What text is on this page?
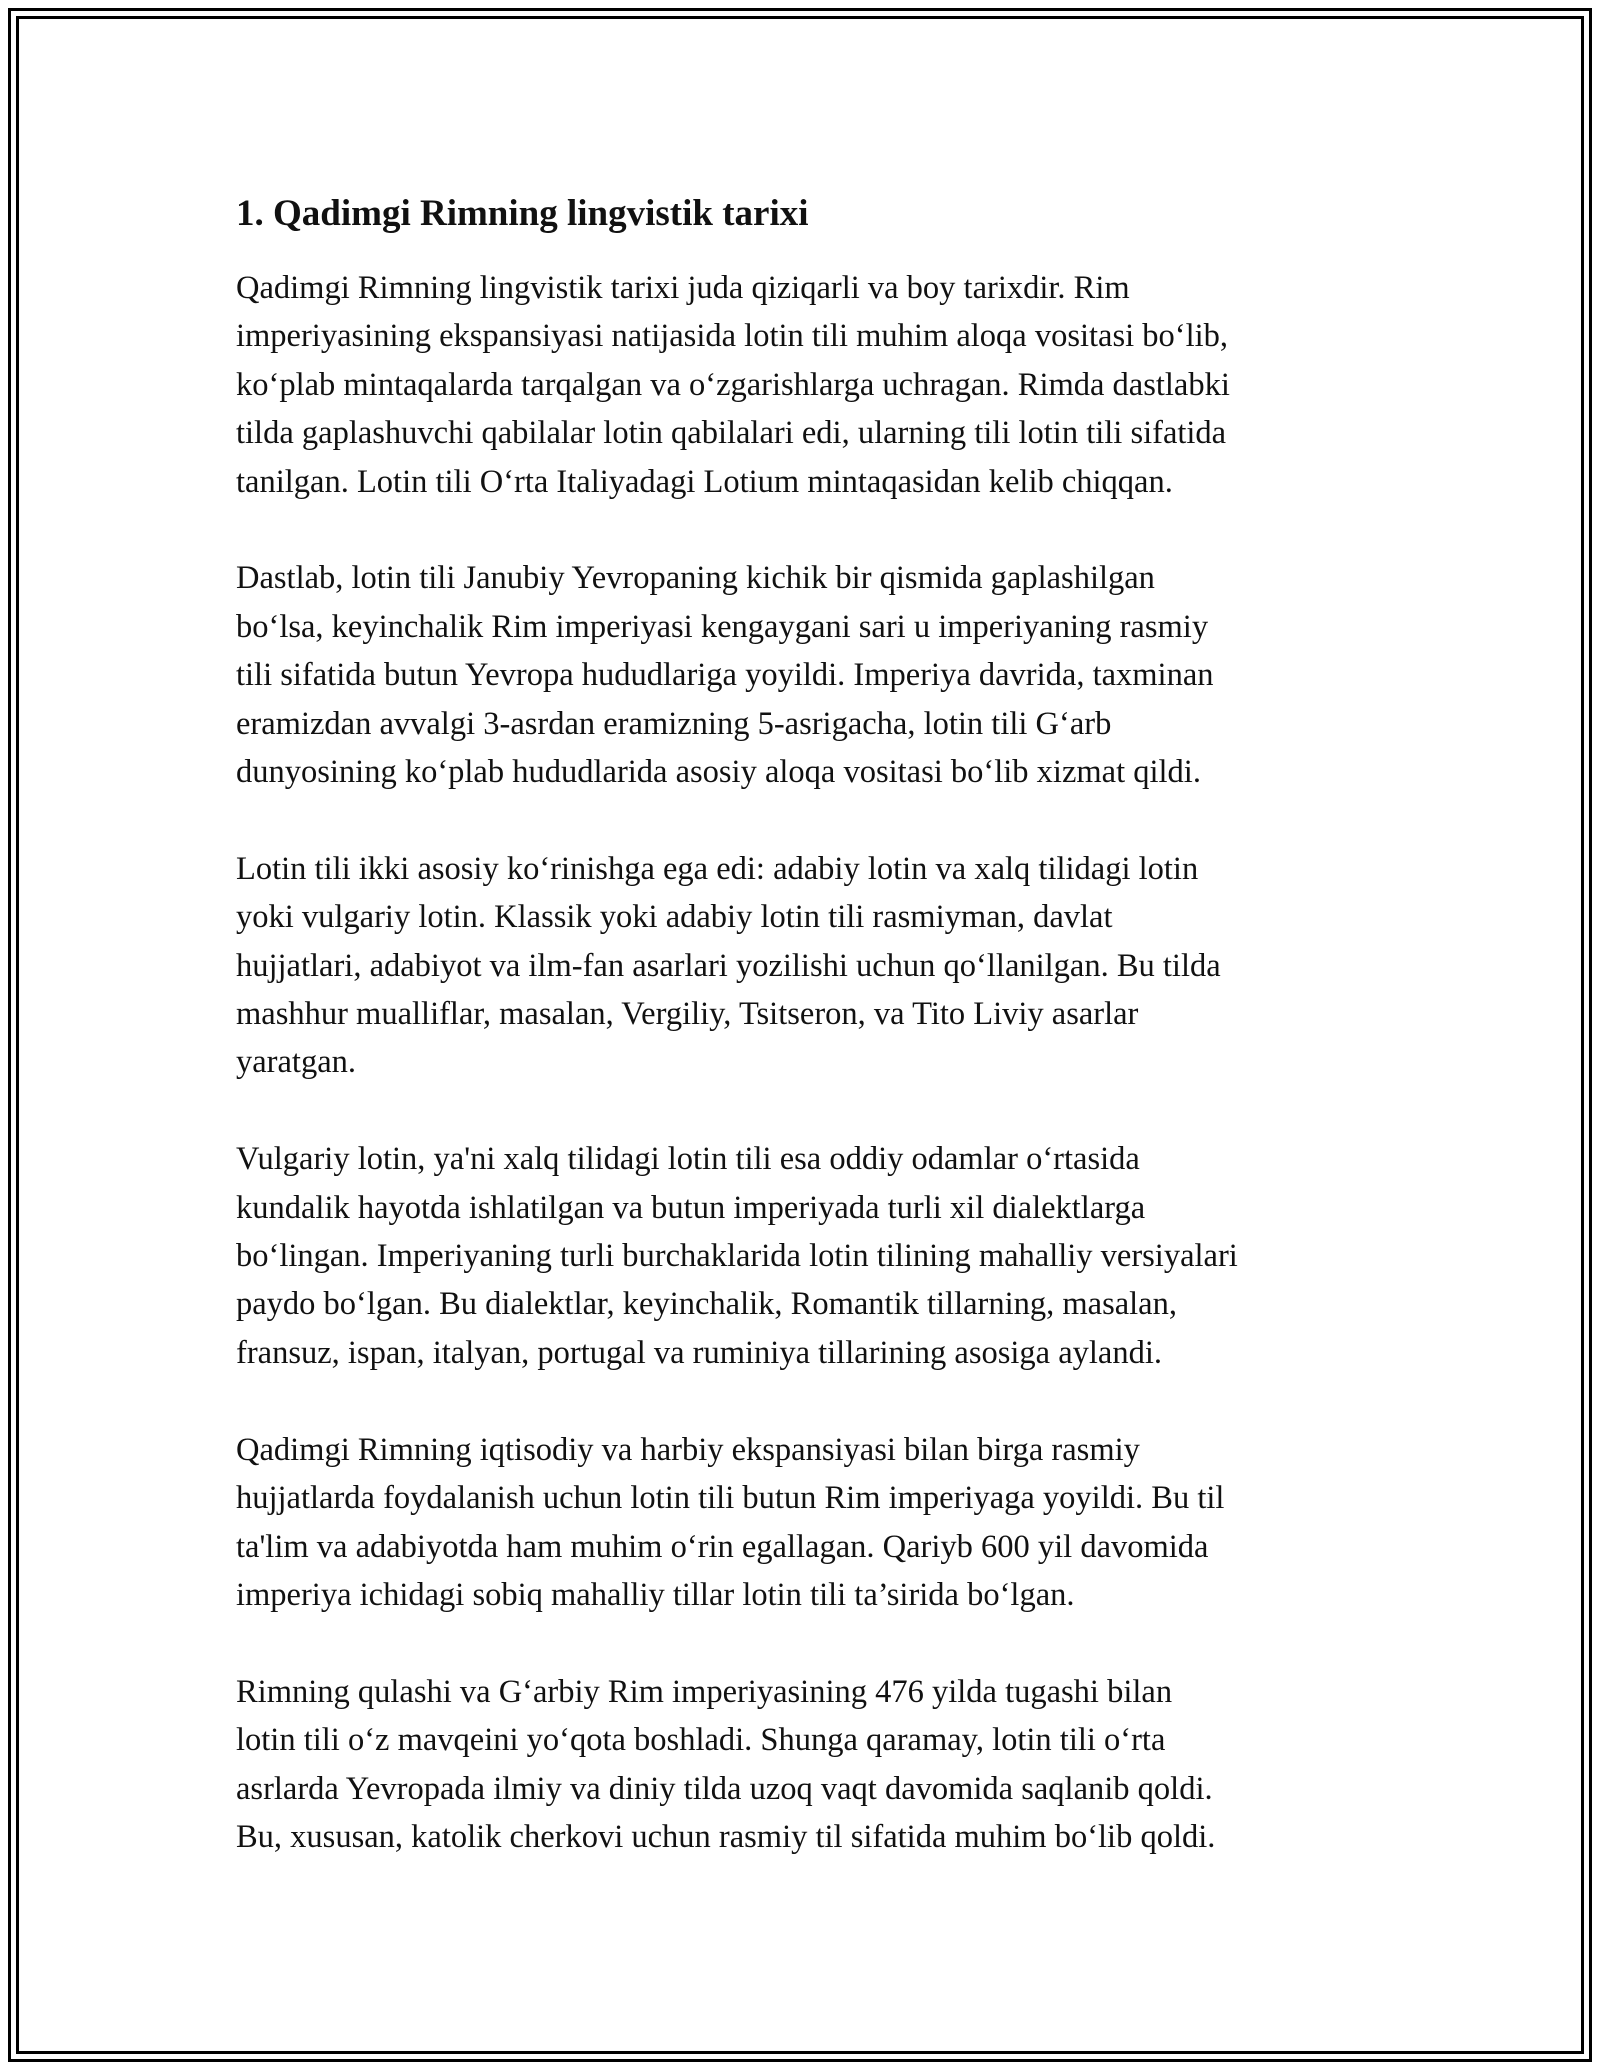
1. Qadimgi Rimning lingvistik tarixi
Qadimgi Rimning lingvistik tarixi juda qiziqarli va boy tarixdir. Rim
imperiyasining ekspansiyasi natijasida lotin tili muhim aloqa vositasi bo‘lib,
ko‘plab mintaqalarda tarqalgan va o‘zgarishlarga uchragan. Rimda dastlabki
tilda gaplashuvchi qabilalar lotin qabilalari edi, ularning tili lotin tili sifatida
tanilgan. Lotin tili O‘rta Italiyadagi Lotium mintaqasidan kelib chiqqan.
Dastlab, lotin tili Janubiy Yevropaning kichik bir qismida gaplashilgan
bo‘lsa, keyinchalik Rim imperiyasi kengaygani sari u imperiyaning rasmiy
tili sifatida butun Yevropa hududlariga yoyildi. Imperiya davrida, taxminan
eramizdan avvalgi 3-asrdan eramizning 5-asrigacha, lotin tili G‘arb
dunyosining ko‘plab hududlarida asosiy aloqa vositasi bo‘lib xizmat qildi.
Lotin tili ikki asosiy ko‘rinishga ega edi: adabiy lotin va xalq tilidagi lotin
yoki vulgariy lotin. Klassik yoki adabiy lotin tili rasmiyman, davlat
hujjatlari, adabiyot va ilm-fan asarlari yozilishi uchun qo‘llanilgan. Bu tilda
mashhur mualliflar, masalan, Vergiliy, Tsitseron, va Tito Liviy asarlar
yaratgan.
Vulgariy lotin, ya'ni xalq tilidagi lotin tili esa oddiy odamlar o‘rtasida
kundalik hayotda ishlatilgan va butun imperiyada turli xil dialektlarga
bo‘lingan. Imperiyaning turli burchaklarida lotin tilining mahalliy versiyalari
paydo bo‘lgan. Bu dialektlar, keyinchalik, Romantik tillarning, masalan,
fransuz, ispan, italyan, portugal va ruminiya tillarining asosiga aylandi.
Qadimgi Rimning iqtisodiy va harbiy ekspansiyasi bilan birga rasmiy
hujjatlarda foydalanish uchun lotin tili butun Rim imperiyaga yoyildi. Bu til
ta'lim va adabiyotda ham muhim o‘rin egallagan. Qariyb 600 yil davomida
imperiya ichidagi sobiq mahalliy tillar lotin tili ta’sirida bo‘lgan.
Rimning qulashi va G‘arbiy Rim imperiyasining 476 yilda tugashi bilan
lotin tili o‘z mavqeini yo‘qota boshladi. Shunga qaramay, lotin tili o‘rta
asrlarda Yevropada ilmiy va diniy tilda uzoq vaqt davomida saqlanib qoldi.
Bu, xususan, katolik cherkovi uchun rasmiy til sifatida muhim bo‘lib qoldi.
